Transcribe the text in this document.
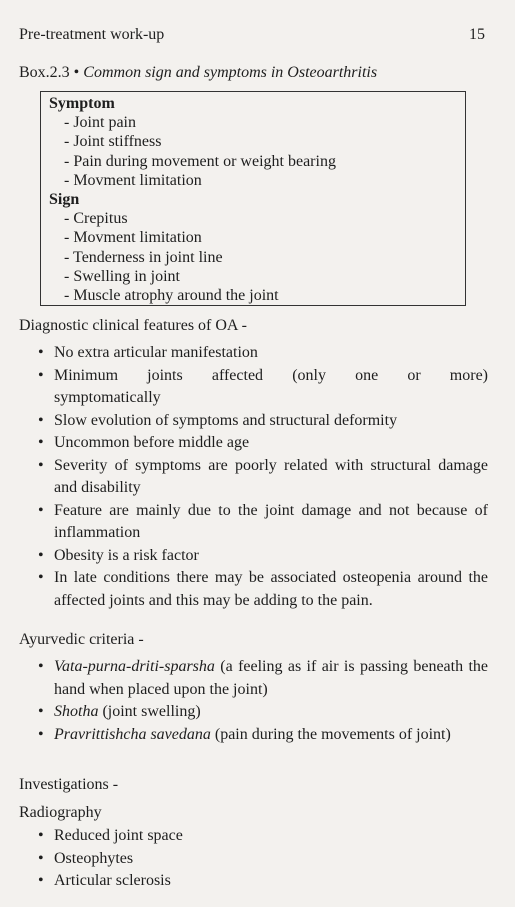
Pre-treatment work-up	15
Box.2.3 • Common sign and symptoms in Osteoarthritis
Symptom
- Joint pain
- Joint stiffness
- Pain during movement or weight bearing
- Movment limitation
Sign
- Crepitus
- Movment limitation
- Tenderness in joint line
- Swelling in joint
- Muscle atrophy around the joint
Diagnostic clinical features of OA -
• No extra articular manifestation
• Minimum joints affected (only one or more)
• symptomatically
• Slow evolution of symptoms and structural deformity
• Uncommon before middle age
• Severity of symptoms are poorly related with structural damage and disability
• Feature are mainly due to the joint damage and not because of inflammation
• Obesity is a risk factor
• In late conditions there may be associated osteopenia around the affected joints and this may be adding to the pain.
Ayurvedic criteria -
• Vata-purna-driti-sparsha (a feeling as if air is passing beneath the hand when placed upon the joint)
• Shotha (joint swelling)
• Pravrittishcha savedana (pain during the movements of joint)
Investigations -
Radiography
• Reduced joint space
• Osteophytes
• Articular sclerosis
